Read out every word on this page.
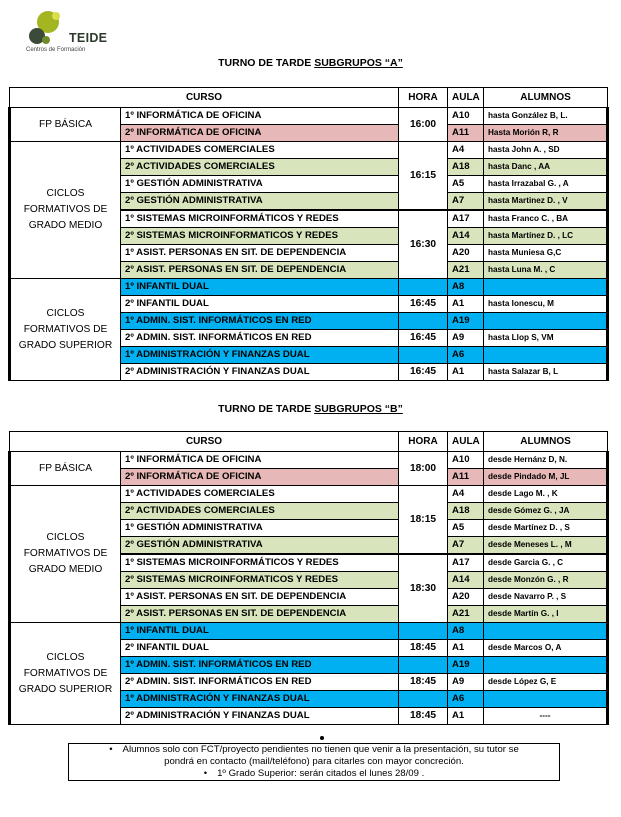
TEIDE
Centros de Formación
TURNO DE TARDE SUBGRUPOS “A”
CURSO		HORA	AULA	ALUMNOS
FP BÁSICA	1º INFORMÁTICA DE OFICINA	16:00	A10	hasta González B, L.
	2º INFORMÁTICA DE OFICINA		A11	Hasta Morión R, R
CICLOS FORMATIVOS DE GRADO MEDIO	1º ACTIVIDADES COMERCIALES	16:15	A4	hasta John A. , SD
	2º ACTIVIDADES COMERCIALES		A18	hasta Danc , AA
	1º GESTIÓN ADMINISTRATIVA		A5	hasta Irrazabal G. , A
	2º GESTIÓN ADMINISTRATIVA		A7	hasta Martinez D. , V
	1º SISTEMAS MICROINFORMÁTICOS Y REDES	16:30	A17	hasta Franco C. , BA
	2º SISTEMAS MICROINFORMATICOS Y REDES		A14	hasta Martínez D. , LC
	1º ASIST. PERSONAS EN SIT. DE DEPENDENCIA		A20	hasta Muniesa G,C
	2º ASIST. PERSONAS EN SIT. DE DEPENDENCIA		A21	hasta Luna M. , C
CICLOS FORMATIVOS DE GRADO SUPERIOR	1º INFANTIL DUAL		A8	
	2º INFANTIL DUAL	16:45	A1	hasta Ionescu, M
	1º ADMIN. SIST. INFORMÁTICOS EN RED		A19	
	2º ADMIN. SIST. INFORMÁTICOS EN RED	16:45	A9	hasta Llop S, VM
	1º ADMINISTRACIÓN Y FINANZAS DUAL		A6	
	2º ADMINISTRACIÓN Y FINANZAS DUAL	16:45	A1	hasta Salazar B, L
TURNO DE TARDE SUBGRUPOS “B”
CURSO		HORA	AULA	ALUMNOS
FP BÁSICA	1º INFORMÁTICA DE OFICINA	18:00	A10	desde Hernánz D, N.
	2º INFORMÁTICA DE OFICINA		A11	desde Pindado M, JL
CICLOS FORMATIVOS DE GRADO MEDIO	1º ACTIVIDADES COMERCIALES	18:15	A4	desde Lago M. , K
	2º ACTIVIDADES COMERCIALES		A18	desde Gómez G. , JA
	1º GESTIÓN ADMINISTRATIVA		A5	desde Martínez D. , S
	2º GESTIÓN ADMINISTRATIVA		A7	desde Meneses L. , M
	1º SISTEMAS MICROINFORMÁTICOS Y REDES	18:30	A17	desde Garcia G. , C
	2º SISTEMAS MICROINFORMATICOS Y REDES		A14	desde Monzón G. , R
	1º ASIST. PERSONAS EN SIT. DE DEPENDENCIA		A20	desde Navarro P. , S
	2º ASIST. PERSONAS EN SIT. DE DEPENDENCIA		A21	desde Martín G. , I
CICLOS FORMATIVOS DE GRADO SUPERIOR	1º INFANTIL DUAL		A8	
	2º INFANTIL DUAL	18:45	A1	desde Marcos O, A
	1º ADMIN. SIST. INFORMÁTICOS EN RED		A19	
	2º ADMIN. SIST. INFORMÁTICOS EN RED	18:45	A9	desde López G, E
	1º ADMINISTRACIÓN Y FINANZAS DUAL		A6	
	2º ADMINISTRACIÓN Y FINANZAS DUAL	18:45	A1	----
• Alumnos solo con FCT/proyecto pendientes no tienen que venir a la presentación, su tutor se
pondrá en contacto (mail/teléfono) para citarles con mayor concreción.
• 1º Grado Superior: serán citados el lunes 28/09 .
